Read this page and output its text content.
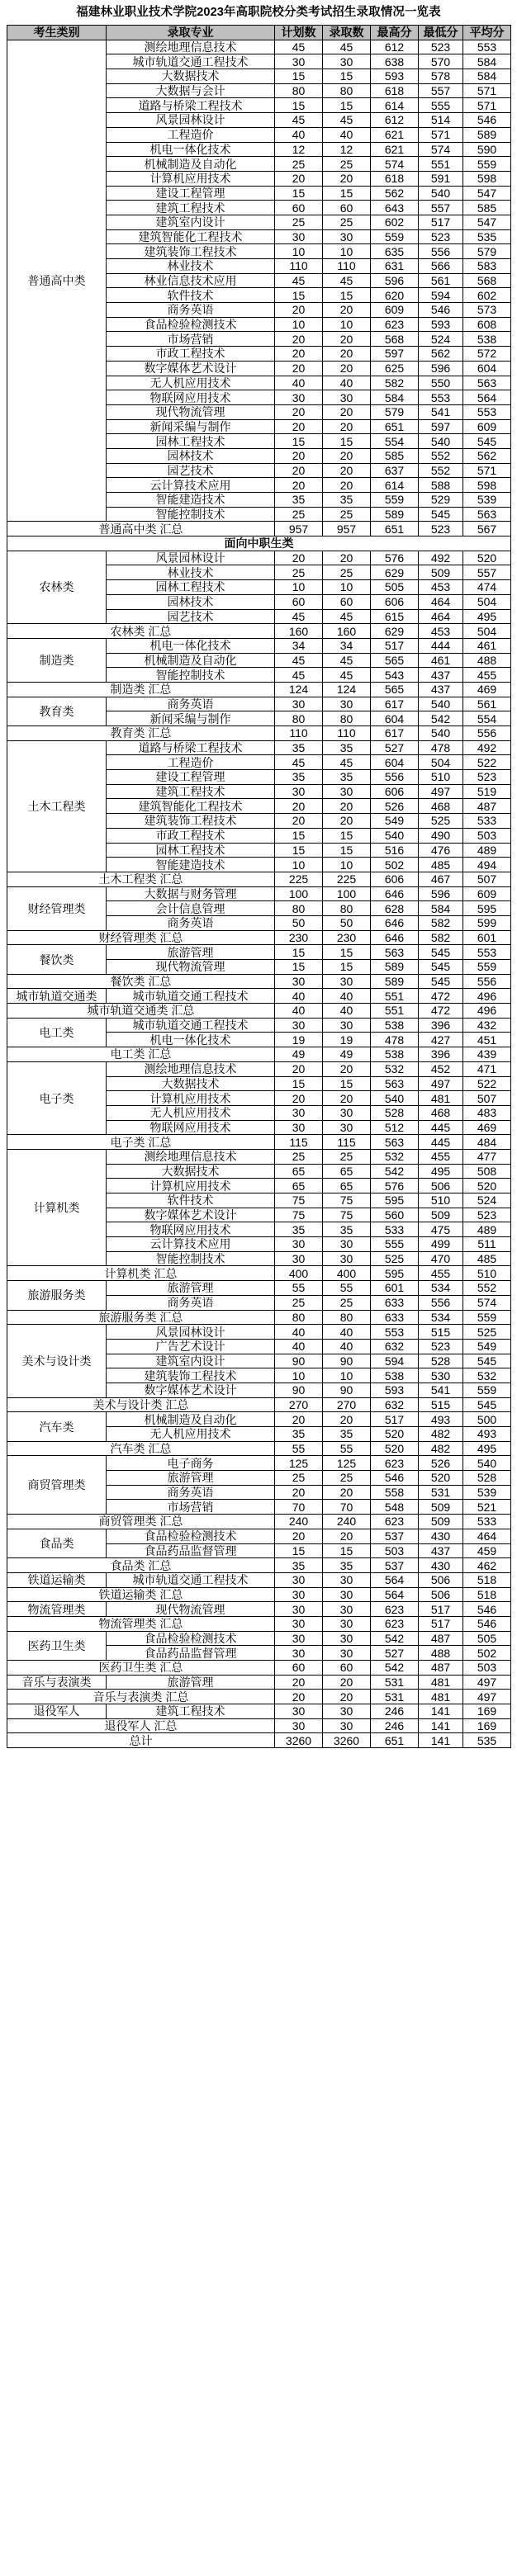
福建林业职业技术学院2023年高职院校分类考试招生录取情况一览表
考生类别	录取专业	计划数	录取数	最高分	最低分	平均分
普通高中类	测绘地理信息技术	45	45	612	523	553
	城市轨道交通工程技术	30	30	638	570	584
	大数据技术	15	15	593	578	584
	大数据与会计	80	80	618	557	571
	道路与桥梁工程技术	15	15	614	555	571
	风景园林设计	45	45	612	514	546
	工程造价	40	40	621	571	589
	机电一体化技术	12	12	621	574	590
	机械制造及自动化	25	25	574	551	559
	计算机应用技术	20	20	618	591	598
	建设工程管理	15	15	562	540	547
	建筑工程技术	60	60	643	557	585
	建筑室内设计	25	25	602	517	547
	建筑智能化工程技术	30	30	559	523	535
	建筑装饰工程技术	10	10	635	556	579
	林业技术	110	110	631	566	583
	林业信息技术应用	45	45	596	561	568
	软件技术	15	15	620	594	602
	商务英语	20	20	609	546	573
	食品检验检测技术	10	10	623	593	608
	市场营销	20	20	568	524	538
	市政工程技术	20	20	597	562	572
	数字媒体艺术设计	20	20	625	596	604
	无人机应用技术	40	40	582	550	563
	物联网应用技术	30	30	584	553	564
	现代物流管理	20	20	579	541	553
	新闻采编与制作	20	20	651	597	609
	园林工程技术	15	15	554	540	545
	园林技术	20	20	585	552	562
	园艺技术	20	20	637	552	571
	云计算技术应用	20	20	614	588	598
	智能建造技术	35	35	559	529	539
	智能控制技术	25	25	589	545	563
普通高中类 汇总		957	957	651	523	567
面向中职生类						
农林类	风景园林设计	20	20	576	492	520
	林业技术	25	25	629	509	557
	园林工程技术	10	10	505	453	474
	园林技术	60	60	606	464	504
	园艺技术	45	45	615	464	495
农林类 汇总		160	160	629	453	504
制造类	机电一体化技术	34	34	517	444	461
	机械制造及自动化	45	45	565	461	488
	智能控制技术	45	45	543	437	455
制造类 汇总		124	124	565	437	469
教育类	商务英语	30	30	617	540	561
	新闻采编与制作	80	80	604	542	554
教育类 汇总		110	110	617	540	556
土木工程类	道路与桥梁工程技术	35	35	527	478	492
	工程造价	45	45	604	504	522
	建设工程管理	35	35	556	510	523
	建筑工程技术	30	30	606	497	519
	建筑智能化工程技术	20	20	526	468	487
	建筑装饰工程技术	20	20	549	525	533
	市政工程技术	15	15	540	490	503
	园林工程技术	15	15	516	476	489
	智能建造技术	10	10	502	485	494
土木工程类 汇总		225	225	606	467	507
财经管理类	大数据与财务管理	100	100	646	596	609
	会计信息管理	80	80	628	584	595
	商务英语	50	50	646	582	599
财经管理类 汇总		230	230	646	582	601
餐饮类	旅游管理	15	15	563	545	553
	现代物流管理	15	15	589	545	559
餐饮类 汇总		30	30	589	545	556
城市轨道交通类	城市轨道交通工程技术	40	40	551	472	496
城市轨道交通类 汇总		40	40	551	472	496
电工类	城市轨道交通工程技术	30	30	538	396	432
	机电一体化技术	19	19	478	427	451
电工类 汇总		49	49	538	396	439
电子类	测绘地理信息技术	20	20	532	452	471
	大数据技术	15	15	563	497	522
	计算机应用技术	20	20	540	481	507
	无人机应用技术	30	30	528	468	483
	物联网应用技术	30	30	512	445	469
电子类 汇总		115	115	563	445	484
计算机类	测绘地理信息技术	25	25	532	455	477
	大数据技术	65	65	542	495	508
	计算机应用技术	65	65	576	506	520
	软件技术	75	75	595	510	524
	数字媒体艺术设计	75	75	560	509	523
	物联网应用技术	35	35	533	475	489
	云计算技术应用	30	30	555	499	511
	智能控制技术	30	30	525	470	485
计算机类 汇总		400	400	595	455	510
旅游服务类	旅游管理	55	55	601	534	552
	商务英语	25	25	633	556	574
旅游服务类 汇总		80	80	633	534	559
美术与设计类	风景园林设计	40	40	553	515	525
	广告艺术设计	40	40	632	523	549
	建筑室内设计	90	90	594	528	545
	建筑装饰工程技术	10	10	538	530	532
	数字媒体艺术设计	90	90	593	541	559
美术与设计类 汇总		270	270	632	515	545
汽车类	机械制造及自动化	20	20	517	493	500
	无人机应用技术	35	35	520	482	493
汽车类 汇总		55	55	520	482	495
商贸管理类	电子商务	125	125	623	526	540
	旅游管理	25	25	546	520	528
	商务英语	20	20	558	531	539
	市场营销	70	70	548	509	521
商贸管理类 汇总		240	240	623	509	533
食品类	食品检验检测技术	20	20	537	430	464
	食品药品监督管理	15	15	503	437	459
食品类 汇总		35	35	537	430	462
铁道运输类	城市轨道交通工程技术	30	30	564	506	518
铁道运输类 汇总		30	30	564	506	518
物流管理类	现代物流管理	30	30	623	517	546
物流管理类 汇总		30	30	623	517	546
医药卫生类	食品检验检测技术	30	30	542	487	505
	食品药品监督管理	30	30	527	488	502
医药卫生类 汇总		60	60	542	487	503
音乐与表演类	旅游管理	20	20	531	481	497
音乐与表演类 汇总		20	20	531	481	497
退役军人	建筑工程技术	30	30	246	141	169
退役军人 汇总		30	30	246	141	169
总计		3260	3260	651	141	535
